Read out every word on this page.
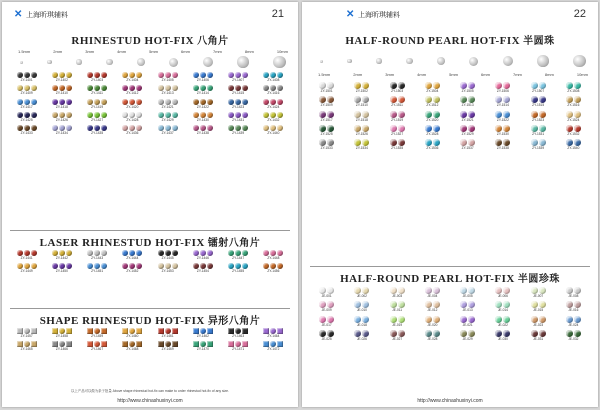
✕ 上海昕琪辅料	21
RHINESTUD HOT-FIX 八角片
1.5mm	2mm	3mm	4mm	5mm	6mm	7mm	8mm	10mm
ZY-1401	ZY-1402	ZY-1403	ZY-1404	ZY-1405	ZY-1406	ZY-1407	ZY-1408
ZY-1409	ZY-1410	ZY-1411	ZY-1412	ZY-1413	ZY-1414	ZY-1415	ZY-1416
ZY-1417	ZY-1418	ZY-1419	ZY-1420	ZY-1421	ZY-1422	ZY-1423	ZY-1424
ZY-1425	ZY-1426	ZY-1427	ZY-1428	ZY-1429	ZY-1430	ZY-1431	ZY-1432
ZY-1433	ZY-1434	ZY-1435	ZY-1436	ZY-1437	ZY-1438	ZY-1439	ZY-1440
LASER RHINESTUD HOT-FIX 镭射八角片
ZY-1441	ZY-1442	ZY-1443	ZY-1444	ZY-1445	ZY-1446	ZY-1447	ZY-1448
ZY-1449	ZY-1450	ZY-1451	ZY-1452	ZY-1453	ZY-1454	ZY-1455	ZY-1456
SHAPE RHINESTUD HOT-FIX 异形八角片
ZY-1457	ZY-1458	ZY-1459	ZY-1460	ZY-1461	ZY-1462	ZY-1463	ZY-1464
ZY-1465	ZY-1466	ZY-1467	ZY-1468	ZY-1469	ZY-1470	ZY-1471	ZY-1472
以上产品可以做为条子批量 Above shape rhinestud hot-fix can make to order rhinestud hot-fix of any size.
http://www.chinashuxinyi.com
✕ 上海昕琪辅料	22
HALF-ROUND PEARL HOT-FIX 半圆珠
1.5mm	2mm	3mm	4mm	5mm	6mm	7mm	8mm	10mm
ZY-1501	ZY-1502	ZY-1503	ZY-1504	ZY-1505	ZY-1506	ZY-1507	ZY-1508
ZY-1509	ZY-1510	ZY-1511	ZY-1512	ZY-1513	ZY-1514	ZY-1515	ZY-1516
ZY-1517	ZY-1518	ZY-1519	ZY-1520	ZY-1521	ZY-1522	ZY-1523	ZY-1524
ZY-1525	ZY-1526	ZY-1527	ZY-1528	ZY-1529	ZY-1530	ZY-1531	ZY-1532
ZY-1533	ZY-1534	ZY-1535	ZY-1536	ZY-1537	ZY-1538	ZY-1539	ZY-1540
HALF-ROUND PEARL HOT-FIX 半圆珍珠
JE-001	JE-002	JE-003	JE-004	JE-005	JE-006	JE-007	JE-008
JE-009	JE-010	JE-011	JE-012	JE-013	JE-014	JE-015	JE-016
JE-017	JE-018	JE-019	JE-020	JE-021	JE-022	JE-023	JE-024
JE-025	JE-026	JE-027	JE-028	JE-029	JE-030	JE-031	JE-032
http://www.chinashuxinyi.com
